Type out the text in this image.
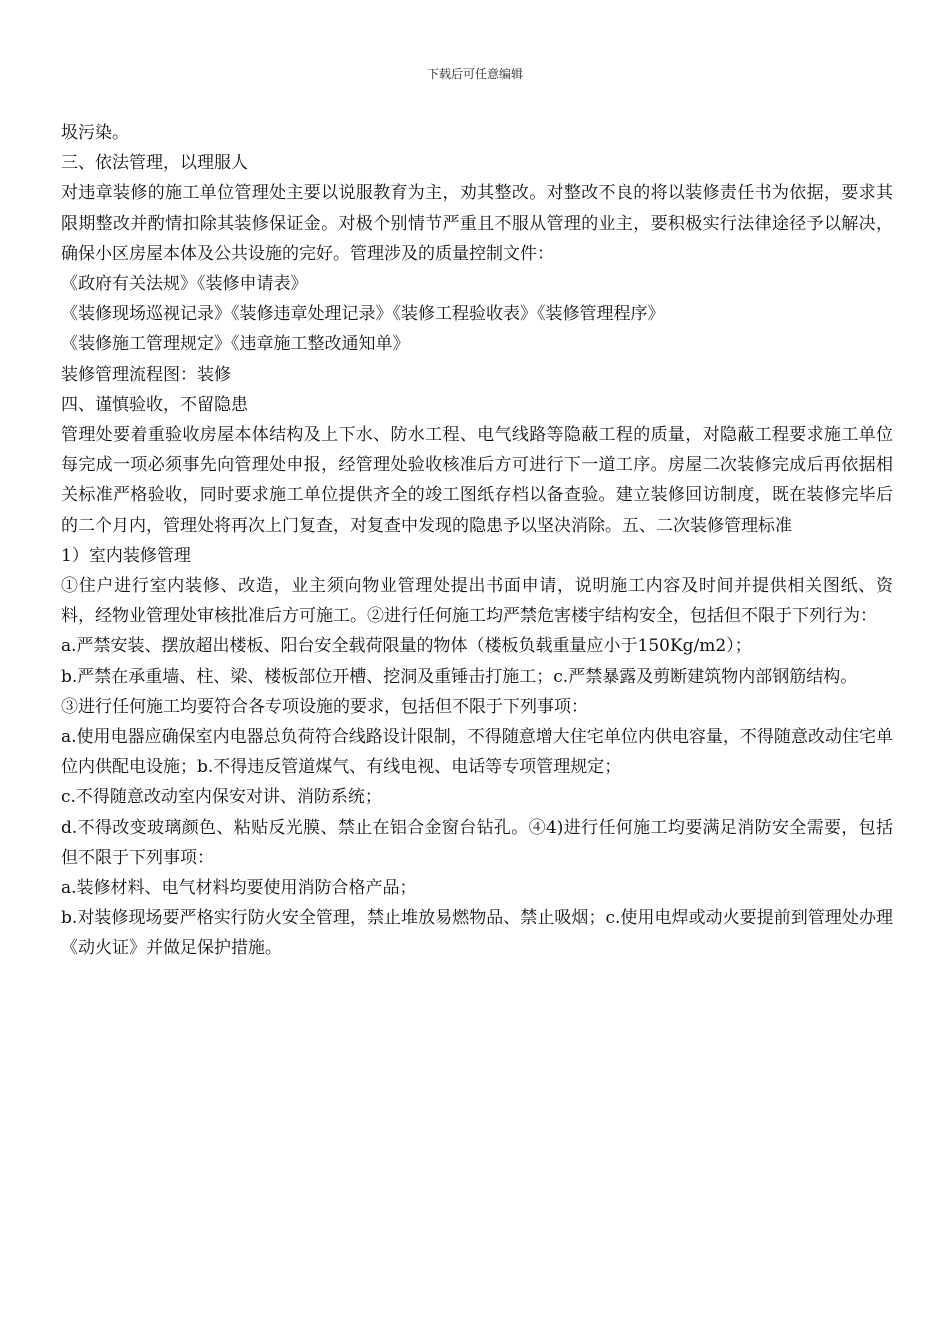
下载后可任意编辑

圾污染。

三、依法管理，以理服人

对违章装修的施工单位管理处主要以说服教育为主，劝其整改。对整改不良的将以装修责任书为依据，要求其限期整改并酌情扣除其装修保证金。对极个别情节严重且不服从管理的业主，要积极实行法律途径予以解决，确保小区房屋本体及公共设施的完好。管理涉及的质量控制文件：

《政府有关法规》《装修申请表》

《装修现场巡视记录》《装修违章处理记录》《装修工程验收表》《装修管理程序》

《装修施工管理规定》《违章施工整改通知单》

装修管理流程图：装修

四、谨慎验收，不留隐患

管理处要着重验收房屋本体结构及上下水、防水工程、电气线路等隐蔽工程的质量，对隐蔽工程要求施工单位每完成一项必须事先向管理处申报，经管理处验收核准后方可进行下一道工序。房屋二次装修完成后再依据相关标准严格验收，同时要求施工单位提供齐全的竣工图纸存档以备查验。建立装修回访制度，既在装修完毕后的二个月内，管理处将再次上门复查，对复查中发现的隐患予以坚决消除。五、二次装修管理标准

1）室内装修管理

①住户进行室内装修、改造，业主须向物业管理处提出书面申请，说明施工内容及时间并提供相关图纸、资料，经物业管理处审核批准后方可施工。②进行任何施工均严禁危害楼宇结构安全，包括但不限于下列行为：

a.严禁安装、摆放超出楼板、阳台安全载荷限量的物体（楼板负载重量应小于150Kg/m2）；

b.严禁在承重墙、柱、梁、楼板部位开槽、挖洞及重锤击打施工；c.严禁暴露及剪断建筑物内部钢筋结构。

③进行任何施工均要符合各专项设施的要求，包括但不限于下列事项：

a.使用电器应确保室内电器总负荷符合线路设计限制，不得随意增大住宅单位内供电容量，不得随意改动住宅单位内供配电设施；b.不得违反管道煤气、有线电视、电话等专项管理规定；

c.不得随意改动室内保安对讲、消防系统；

d.不得改变玻璃颜色、粘贴反光膜、禁止在铝合金窗台钻孔。④4)进行任何施工均要满足消防安全需要，包括但不限于下列事项：

a.装修材料、电气材料均要使用消防合格产品；

b.对装修现场要严格实行防火安全管理，禁止堆放易燃物品、禁止吸烟；c.使用电焊或动火要提前到管理处办理《动火证》并做足保护措施。
